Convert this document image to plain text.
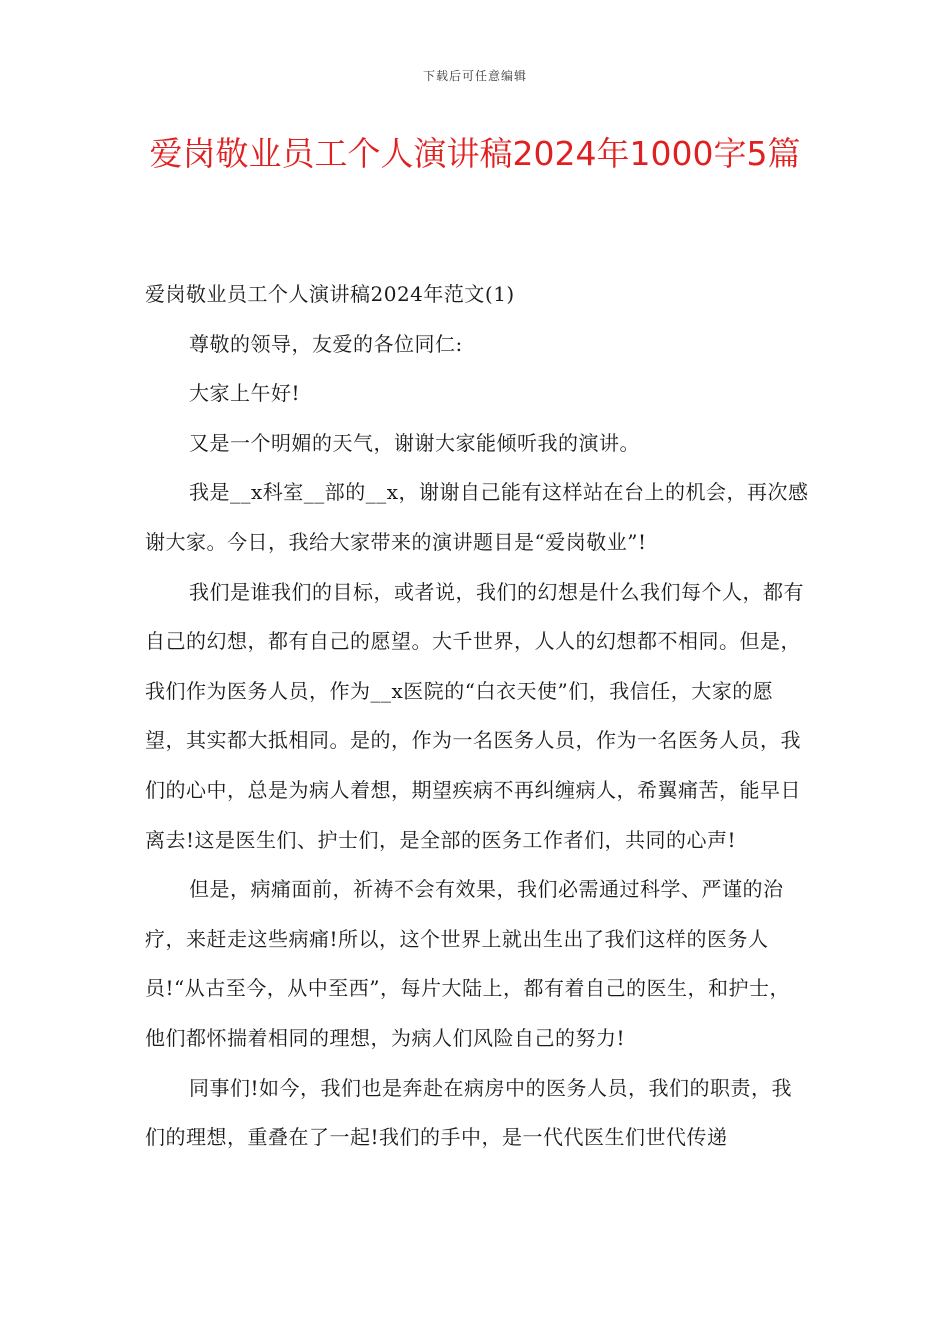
下载后可任意编辑
爱岗敬业员工个人演讲稿2024年1000字5篇

爱岗敬业员工个人演讲稿2024年范文(1)

尊敬的领导，友爱的各位同仁:

大家上午好!

又是一个明媚的天气，谢谢大家能倾听我的演讲。

我是__x科室__部的__x，谢谢自己能有这样站在台上的机会，再次感谢大家。今日，我给大家带来的演讲题目是“爱岗敬业”!

我们是谁我们的目标，或者说，我们的幻想是什么我们每个人，都有自己的幻想，都有自己的愿望。大千世界，人人的幻想都不相同。但是，我们作为医务人员，作为__x医院的“白衣天使”们，我信任，大家的愿望，其实都大抵相同。是的，作为一名医务人员，作为一名医务人员，我们的心中，总是为病人着想，期望疾病不再纠缠病人，希翼痛苦，能早日离去!这是医生们、护士们，是全部的医务工作者们，共同的心声!

但是，病痛面前，祈祷不会有效果，我们必需通过科学、严谨的治疗，来赶走这些病痛!所以，这个世界上就出生出了我们这样的医务人员!“从古至今，从中至西”，每片大陆上，都有着自己的医生，和护士，他们都怀揣着相同的理想，为病人们风险自己的努力!

同事们!如今，我们也是奔赴在病房中的医务人员，我们的职责，我们的理想，重叠在了一起!我们的手中，是一代代医生们世代传递
